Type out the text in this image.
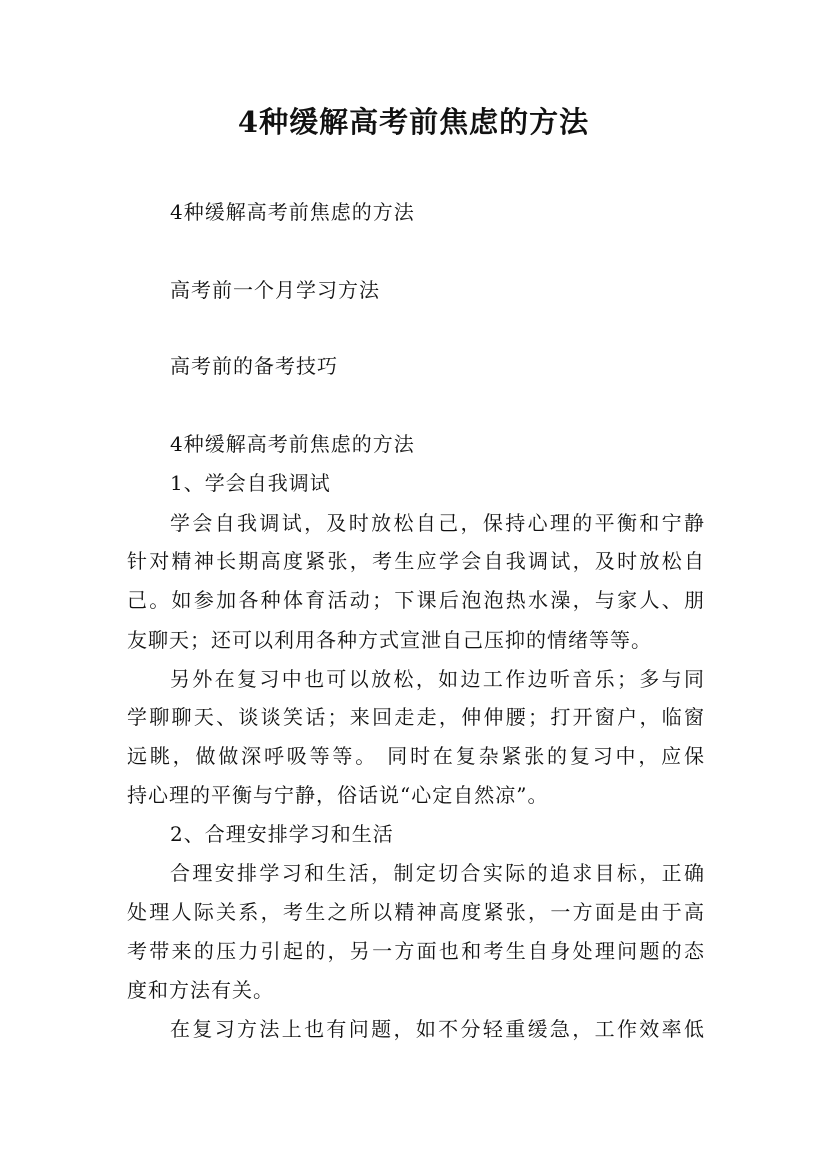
4种缓解高考前焦虑的方法
4种缓解高考前焦虑的方法
高考前一个月学习方法
高考前的备考技巧
4种缓解高考前焦虑的方法
1、学会自我调试
学会自我调试，及时放松自己，保持心理的平衡和宁静
针对精神长期高度紧张，考生应学会自我调试，及时放松自
己。如参加各种体育活动；下课后泡泡热水澡，与家人、朋
友聊天；还可以利用各种方式宣泄自己压抑的情绪等等。
另外在复习中也可以放松，如边工作边听音乐；多与同
学聊聊天、谈谈笑话；来回走走，伸伸腰；打开窗户，临窗
远眺，做做深呼吸等等。 同时在复杂紧张的复习中，应保
持心理的平衡与宁静，俗话说“心定自然凉”。
2、合理安排学习和生活
合理安排学习和生活，制定切合实际的追求目标，正确
处理人际关系，考生之所以精神高度紧张，一方面是由于高
考带来的压力引起的，另一方面也和考生自身处理问题的态
度和方法有关。
在复习方法上也有问题，如不分轻重缓急，工作效率低
